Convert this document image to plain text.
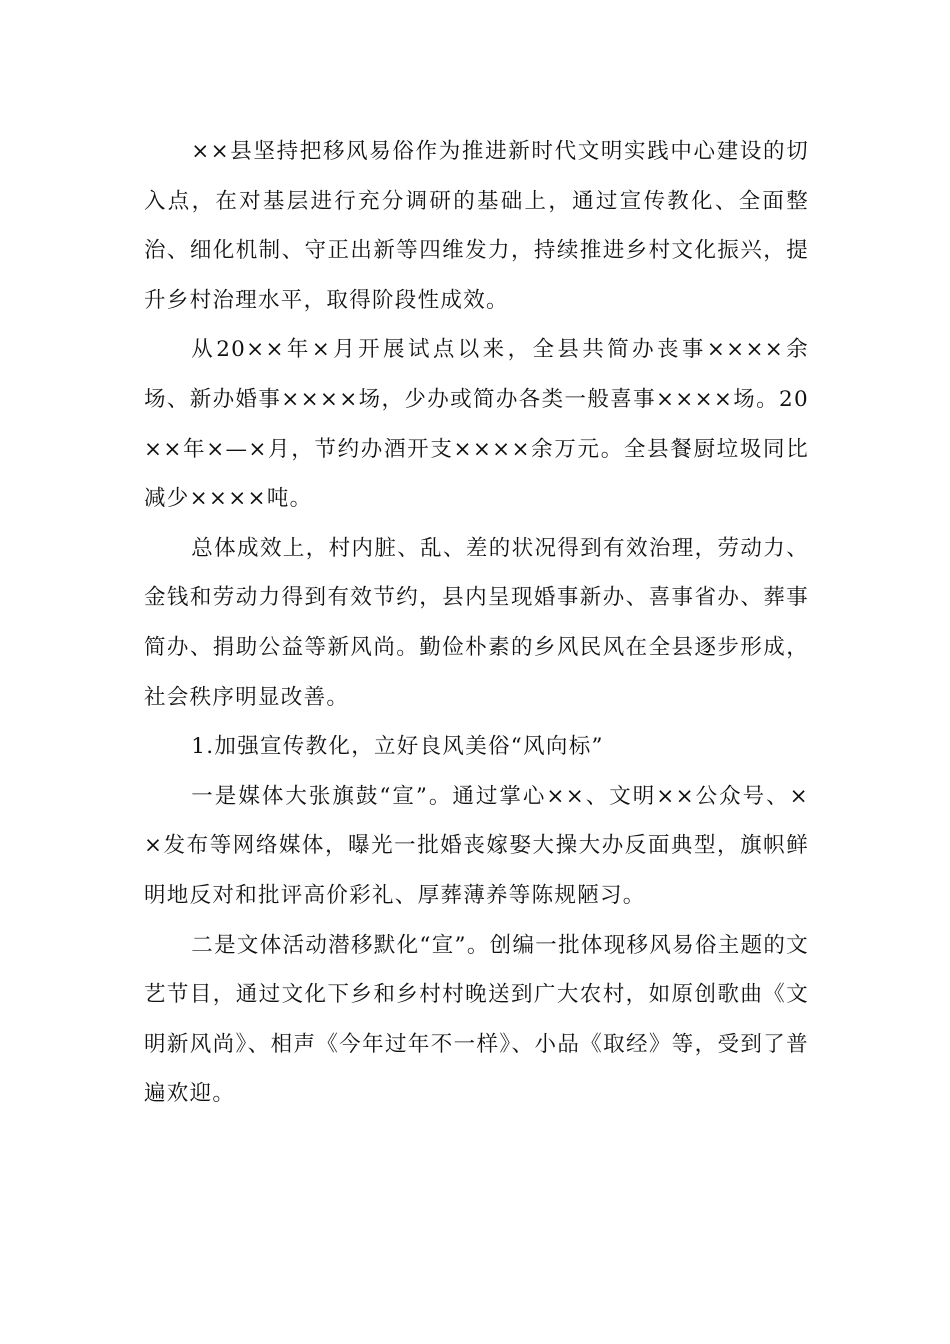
××县坚持把移风易俗作为推进新时代文明实践中心建设的切入点，在对基层进行充分调研的基础上，通过宣传教化、全面整治、细化机制、守正出新等四维发力，持续推进乡村文化振兴，提升乡村治理水平，取得阶段性成效。

从20××年×月开展试点以来，全县共简办丧事××××余场、新办婚事××××场，少办或简办各类一般喜事××××场。20××年×—×月，节约办酒开支××××余万元。全县餐厨垃圾同比减少××××吨。

总体成效上，村内脏、乱、差的状况得到有效治理，劳动力、金钱和劳动力得到有效节约，县内呈现婚事新办、喜事省办、葬事简办、捐助公益等新风尚。勤俭朴素的乡风民风在全县逐步形成，社会秩序明显改善。

1.加强宣传教化，立好良风美俗“风向标”

一是媒体大张旗鼓“宣”。通过掌心××、文明××公众号、××发布等网络媒体，曝光一批婚丧嫁娶大操大办反面典型，旗帜鲜明地反对和批评高价彩礼、厚葬薄养等陈规陋习。

二是文体活动潜移默化“宣”。创编一批体现移风易俗主题的文艺节目，通过文化下乡和乡村村晚送到广大农村，如原创歌曲《文明新风尚》、相声《今年过年不一样》、小品《取经》等，受到了普遍欢迎。
